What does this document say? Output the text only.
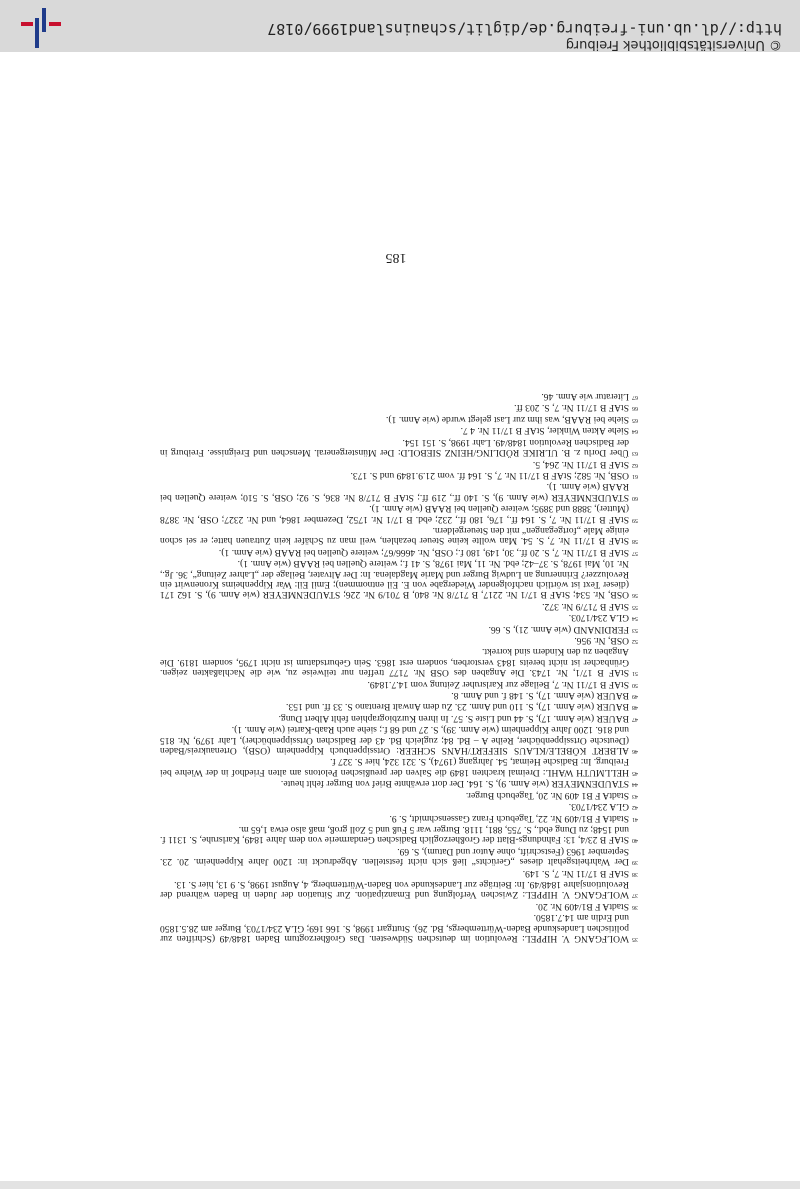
35WOLFGANG V. HIPPEL: Revolution im deutschen Südwesten. Das Großherzogtum Baden 1848/49 (Schriften zur politischen Landeskunde Baden-Württembergs, Bd. 26). Stuttgart 1998, S. 166 169; GLA 234/1703, Burger am 28.5.1850 und Erdin am 14.7.1850.

36StadtA F B1/409 Nr. 20.

37WOLFGANG V. HIPPEL: Zwischen Verfolgung und Emanzipation. Zur Situation der Juden in Baden während der Revolutionsjahre 1848/49. In: Beiträge zur Landeskunde von Baden-Württemberg, 4, August 1998, S. 9 13, hier S. 13.

38StAF B 17/11 Nr. 7, S. 149.

39Der Wahrheitsgehalt dieses „Gerüchts“ ließ sich nicht feststellen. Abgedruckt in: 1200 Jahre Kippenheim. 20. 23. September 1963 (Festschrift, ohne Autor und Datum), S. 69.

40StAF B 23/4, 13: Fahndungs-Blatt der Großherzoglich Badischen Gendarmerie von dem Jahre 1849, Karlsruhe, S. 1311 f. und 1548; zu Dung ebd., S. 755, 881, 1118. Burger war 5 Fuß und 5 Zoll groß, maß also etwa 1,65 m.

41StadtA F B1/409 Nr. 22, Tagebuch Franz Gassenschmidt, S. 9.

42GLA 234/1703.

43StadtA F B1 409 Nr. 20, Tagebuch Burger.

44STAUDENMEYER (wie Anm. 9), S. 164. Der dort erwähnte Brief von Burger fehlt heute.

45HELLMUTH WAHL: Dreimal krachten 1849 die Salven der preußischen Pelotons am alten Friedhof in der Wiehre bei Freiburg. In: Badische Heimat, 54. Jahrgang (1974), S. 321 324, hier S. 327 f.

46ALBERT KÖBELE/KLAUS SIEFERT/HANS SCHEER: Ortssippenbuch Kippenheim (OSB), Ortenaukreis/Baden (Deutsche Ortssippenbücher, Reihe A – Bd. 84; zugleich Bd. 43 der Badischen Ortssippenbücher), Lahr 1979, Nr. 815 und 816. 1200 Jahre Kippenheim (wie Anm. 39), S. 27 und 68 f.; siehe auch Raab-Kartei (wie Anm. 1).

47BAUER (wie Anm. 17), S. 44 und Liste S. 57. In ihren Kurzbiographien fehlt Albert Dung.

48BAUER (wie Anm. 17), S. 110 und Anm. 23. Zu dem Anwalt Brentano S. 33 ff. und 153.

49BAUER (wie Anm. 17), S. 148 f. und Anm. 8.

50StAF B 17/11 Nr. 7, Beilage zur Karlsruher Zeitung vom 14.7.1849.

51StAF B 17/1, Nr. 1743. Die Angaben des OSB Nr. 7177 treffen nur teilweise zu, wie die Nachlaßakten zeigen. Grünbacher ist nicht bereits 1843 verstorben, sondern erst 1863. Sein Geburtsdatum ist nicht 1795, sondern 1819. Die Angaben zu den Kindern sind korrekt.

52OSB, Nr. 956.

53FERDINAND (wie Anm. 21), S. 66.

54GLA 234/1703.

55StAF B 717/9 Nr. 372.

56OSB, Nr. 534; StAF B 17/1 Nr. 2217, B 717/8 Nr. 840, B 701/9 Nr. 226; STAUDENMEYER (wie Anm. 9), S. 162 171 (dieser Text ist wörtlich nachfolgender Wiedergabe von E. Eil entnommen); Emil Eil: War Kippenheims Kronenwirt ein Revoluzzer? Erinnerung an Ludwig Burger und Marie Magdalena. In: Der Altvater, Beilage der „Lahrer Zeitung“, 36. Jg., Nr. 10, Mai 1978, S. 37–42; ebd. Nr. 11, Mai 1978, S. 41 f.; weitere Quellen bei RAAB (wie Anm. 1).

57StAF B 17/11 Nr. 7, S. 20 ff., 30, 149, 180 f.; OSB, Nr. 4666/67; weitere Quellen bei RAAB (wie Anm. 1).

58StAF B 17/11 Nr. 7, S. 54. Man wollte keine Steuer bezahlen, weil man zu Schäfer kein Zutrauen hatte; er sei schon einige Male „fortgegangen“ mit den Steuergeldern.

59StAF B 17/11 Nr. 7, S. 164 ff., 176, 180 ff., 232; ebd. B 17/1 Nr. 1752, Dezember 1864, und Nr. 2327; OSB, Nr. 3878 (Mutter), 3888 und 3895; weitere Quellen bei RAAB (wie Anm. 1).

60STAUDENMEYER (wie Anm. 9), S. 140 ff., 219 ff.; StAF B 717/8 Nr. 836, S. 92; OSB, S. 510; weitere Quellen bei RAAB (wie Anm. 1).

61OSB, Nr. 582; StAF B 17/11 Nr. 7, S. 164 ff. vom 21.9.1849 und S. 173.

62StAF B 17/11 Nr. 264, 5.

63Über Dorlu z. B. ULRIKE RÖDLING/HEINZ SIEBOLD: Der Münstergeneral. Menschen und Ereignisse. Freiburg in der Badischen Revolution 1848/49. Lahr 1998, S. 151 154.

64Siehe Akten Winkler, StAF B 17/11 Nr. 4 7.

65Siehe bei RAAB, was ihm zur Last gelegt wurde (wie Anm. 1).

66StAF B 17/11 Nr. 7, S. 203 ff.

67Literatur wie Anm. 46.

185
http://dl.ub.uni-freiburg.de/diglit/schauinsland1999/0187
© Universitätsbibliothek Freiburg
